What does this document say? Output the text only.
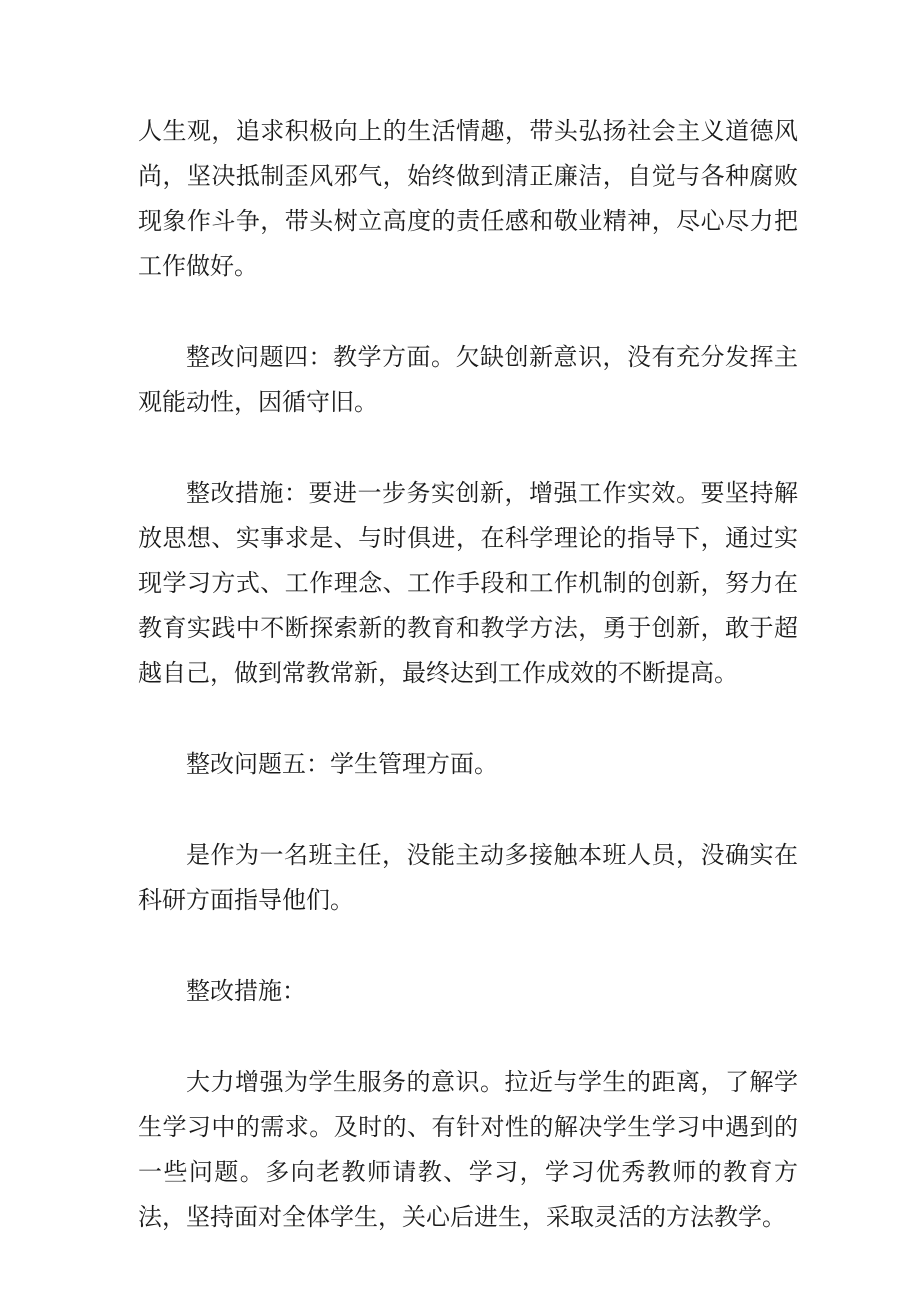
人生观，追求积极向上的生活情趣，带头弘扬社会主义道德风尚，坚决抵制歪风邪气，始终做到清正廉洁，自觉与各种腐败现象作斗争，带头树立高度的责任感和敬业精神，尽心尽力把工作做好。

整改问题四：教学方面。欠缺创新意识，没有充分发挥主观能动性，因循守旧。

整改措施：要进一步务实创新，增强工作实效。要坚持解放思想、实事求是、与时俱进，在科学理论的指导下，通过实现学习方式、工作理念、工作手段和工作机制的创新，努力在教育实践中不断探索新的教育和教学方法，勇于创新，敢于超越自己，做到常教常新，最终达到工作成效的不断提高。

整改问题五：学生管理方面。

是作为一名班主任，没能主动多接触本班人员，没确实在科研方面指导他们。

整改措施：

大力增强为学生服务的意识。拉近与学生的距离，了解学生学习中的需求。及时的、有针对性的解决学生学习中遇到的一些问题。多向老教师请教、学习，学习优秀教师的教育方法，坚持面对全体学生，关心后进生，采取灵活的方法教学。
